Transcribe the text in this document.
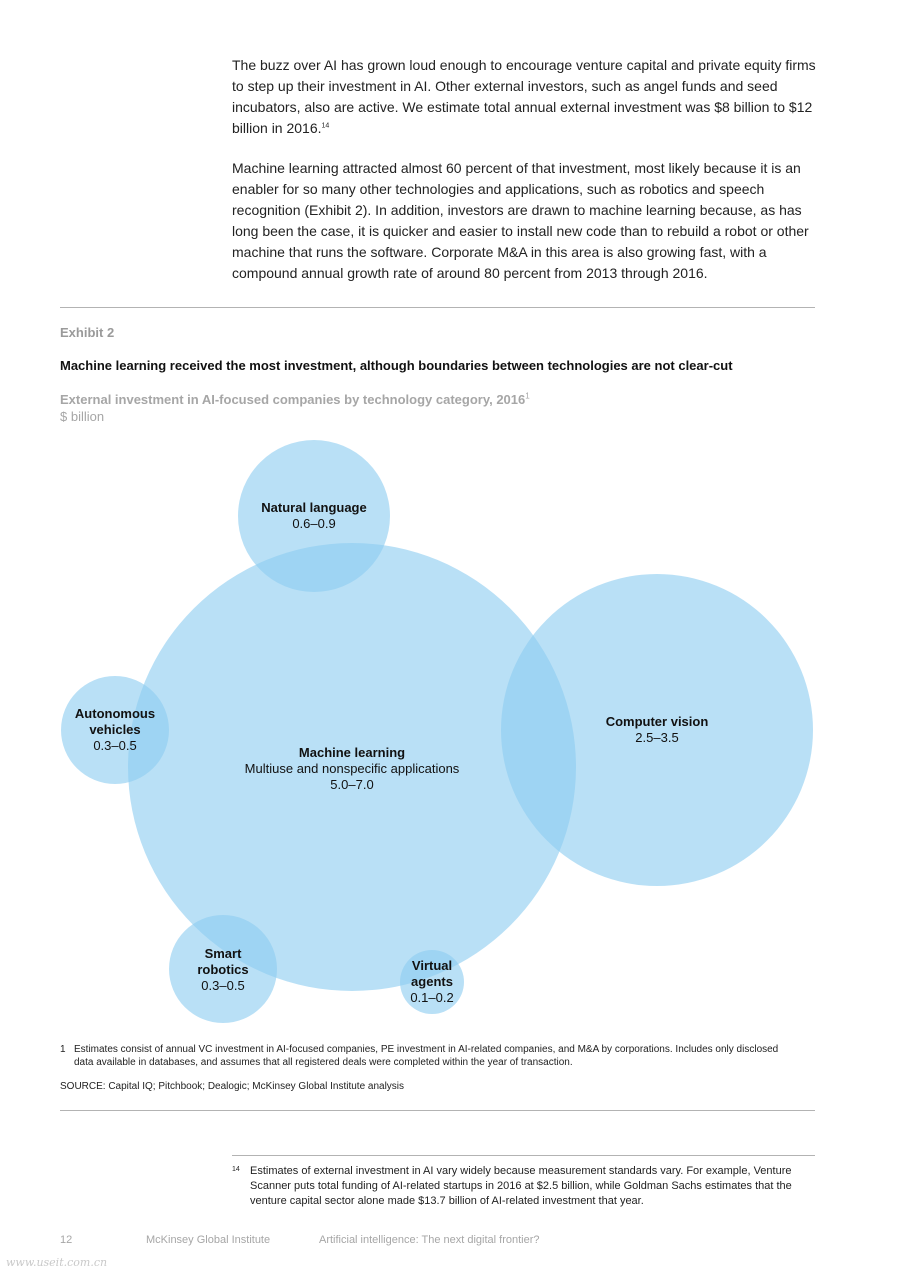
The buzz over AI has grown loud enough to encourage venture capital and private equity firms to step up their investment in AI. Other external investors, such as angel funds and seed incubators, also are active. We estimate total annual external investment was $8 billion to $12 billion in 2016.14

Machine learning attracted almost 60 percent of that investment, most likely because it is an enabler for so many other technologies and applications, such as robotics and speech recognition (Exhibit 2). In addition, investors are drawn to machine learning because, as has long been the case, it is quicker and easier to install new code than to rebuild a robot or other machine that runs the software. Corporate M&A in this area is also growing fast, with a compound annual growth rate of around 80 percent from 2013 through 2016.

Exhibit 2
Machine learning received the most investment, although boundaries between technologies are not clear-cut
External investment in AI-focused companies by technology category, 2016$^1$
$ billion
Machine learning
Multiuse and nonspecific applications
5.0–7.0
Computer vision
2.5–3.5
Natural language
0.6–0.9
Autonomous
vehicles
0.3–0.5
Smart
robotics
0.3–0.5
Virtual
agents
0.1–0.2
1 Estimates consist of annual VC investment in AI-focused companies, PE investment in AI-related companies, and M&A by corporations. Includes only disclosed data available in databases, and assumes that all registered deals were completed within the year of transaction.
SOURCE: Capital IQ; Pitchbook; Dealogic; McKinsey Global Institute analysis
14 Estimates of external investment in AI vary widely because measurement standards vary. For example, Venture Scanner puts total funding of AI-related startups in 2016 at $2.5 billion, while Goldman Sachs estimates that the venture capital sector alone made $13.7 billion of AI-related investment that year.
12	McKinsey Global Institute	Artificial intelligence: The next digital frontier?
www.useit.com.cn
